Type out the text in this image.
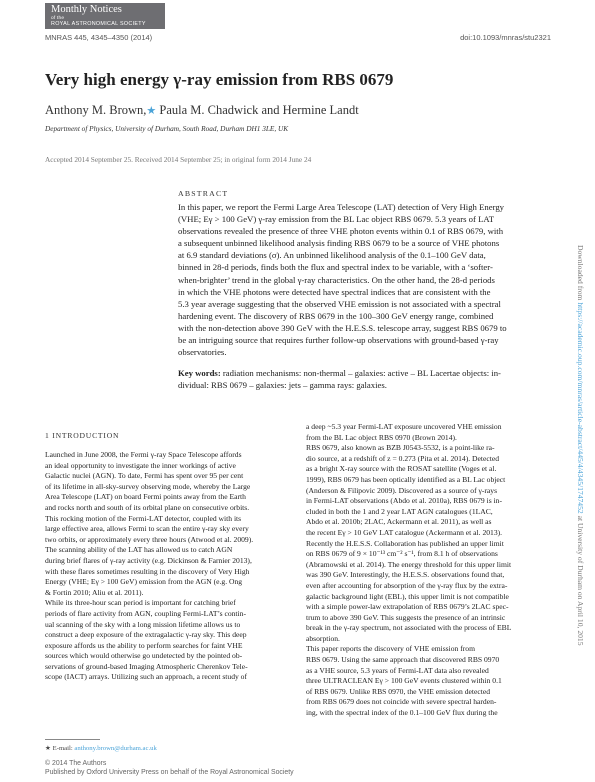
Monthly Notices
of the
ROYAL ASTRONOMICAL SOCIETY
MNRAS 445, 4345–4350 (2014)	doi:10.1093/mnras/stu2321
Very high energy γ-ray emission from RBS 0679
Anthony M. Brown,★ Paula M. Chadwick and Hermine Landt
Department of Physics, University of Durham, South Road, Durham DH1 3LE, UK
Accepted 2014 September 25. Received 2014 September 25; in original form 2014 June 24
ABSTRACT
In this paper, we report the Fermi Large Area Telescope (LAT) detection of Very High Energy
(VHE; Eγ > 100 GeV) γ-ray emission from the BL Lac object RBS 0679. 5.3 years of LAT
observations revealed the presence of three VHE photon events within 0.1 of RBS 0679, with
a subsequent unbinned likelihood analysis finding RBS 0679 to be a source of VHE photons
at 6.9 standard deviations (σ). An unbinned likelihood analysis of the 0.1–100 GeV data,
binned in 28-d periods, finds both the flux and spectral index to be variable, with a ‘softer-
when-brighter’ trend in the global γ-ray characteristics. On the other hand, the 28-d periods
in which the VHE photons were detected have spectral indices that are consistent with the
5.3 year average suggesting that the observed VHE emission is not associated with a spectral
hardening event. The discovery of RBS 0679 in the 100–300 GeV energy range, combined
with the non-detection above 390 GeV with the H.E.S.S. telescope array, suggest RBS 0679 to
be an intriguing source that requires further follow-up observations with ground-based γ-ray
observatories.
Key words: radiation mechanisms: non-thermal – galaxies: active – BL Lacertae objects: in-
dividual: RBS 0679 – galaxies: jets – gamma rays: galaxies.
1 INTRODUCTION
Launched in June 2008, the Fermi γ-ray Space Telescope affords
an ideal opportunity to investigate the inner workings of active
Galactic nuclei (AGN). To date, Fermi has spent over 95 per cent
of its lifetime in all-sky-survey observing mode, whereby the Large
Area Telescope (LAT) on board Fermi points away from the Earth
and rocks north and south of its orbital plane on consecutive orbits.
This rocking motion of the Fermi-LAT detector, coupled with its
large effective area, allows Fermi to scan the entire γ-ray sky every
two orbits, or approximately every three hours (Atwood et al. 2009).
The scanning ability of the LAT has allowed us to catch AGN
during brief flares of γ-ray activity (e.g. Dickinson & Farnier 2013),
with these flares sometimes resulting in the discovery of Very High
Energy (VHE; Eγ > 100 GeV) emission from the AGN (e.g. Ong
& Fortin 2010; Aliu et al. 2011).
While its three-hour scan period is important for catching brief
periods of flare activity from AGN, coupling Fermi-LAT’s contin-
ual scanning of the sky with a long mission lifetime allows us to
construct a deep exposure of the extragalactic γ-ray sky. This deep
exposure affords us the ability to perform searches for faint VHE
sources which would otherwise go undetected by the pointed ob-
servations of ground-based Imaging Atmospheric Cherenkov Tele-
scope (IACT) arrays. Utilizing such an approach, a recent study of
a deep ~5.3 year Fermi-LAT exposure uncovered VHE emission
from the BL Lac object RBS 0970 (Brown 2014).
RBS 0679, also known as BZB J0543-5532, is a point-like ra-
dio source, at a redshift of z = 0.273 (Pita et al. 2014). Detected
as a bright X-ray source with the ROSAT satellite (Voges et al.
1999), RBS 0679 has been optically identified as a BL Lac object
(Anderson & Filipovic 2009). Discovered as a source of γ-rays
in Fermi-LAT observations (Abdo et al. 2010a), RBS 0679 is in-
cluded in both the 1 and 2 year LAT AGN catalogues (1LAC,
Abdo et al. 2010b; 2LAC, Ackermann et al. 2011), as well as
the recent Eγ > 10 GeV LAT catalogue (Ackermann et al. 2013).
Recently the H.E.S.S. Collaboration has published an upper limit
on RBS 0679 of 9 × 10⁻¹³ cm⁻² s⁻¹, from 8.1 h of observations
(Abramowski et al. 2014). The energy threshold for this upper limit
was 390 GeV. Interestingly, the H.E.S.S. observations found that,
even after accounting for absorption of the γ-ray flux by the extra-
galactic background light (EBL), this upper limit is not compatible
with a simple power-law extrapolation of RBS 0679’s 2LAC spec-
trum to above 390 GeV. This suggests the presence of an intrinsic
break in the γ-ray spectrum, not associated with the process of EBL
absorption.
This paper reports the discovery of VHE emission from
RBS 0679. Using the same approach that discovered RBS 0970
as a VHE source, 5.3 years of Fermi-LAT data also revealed
three ULTRACLEAN Eγ > 100 GeV events clustered within 0.1
of RBS 0679. Unlike RBS 0970, the VHE emission detected
from RBS 0679 does not coincide with severe spectral harden-
ing, with the spectral index of the 0.1–100 GeV flux during the
★ E-mail: anthony.brown@durham.ac.uk
© 2014 The Authors
Published by Oxford University Press on behalf of the Royal Astronomical Society
Downloaded from https://academic.oup.com/mnras/article-abstract/445/4/4345/1747452 at University of Durham on April 10, 2015
